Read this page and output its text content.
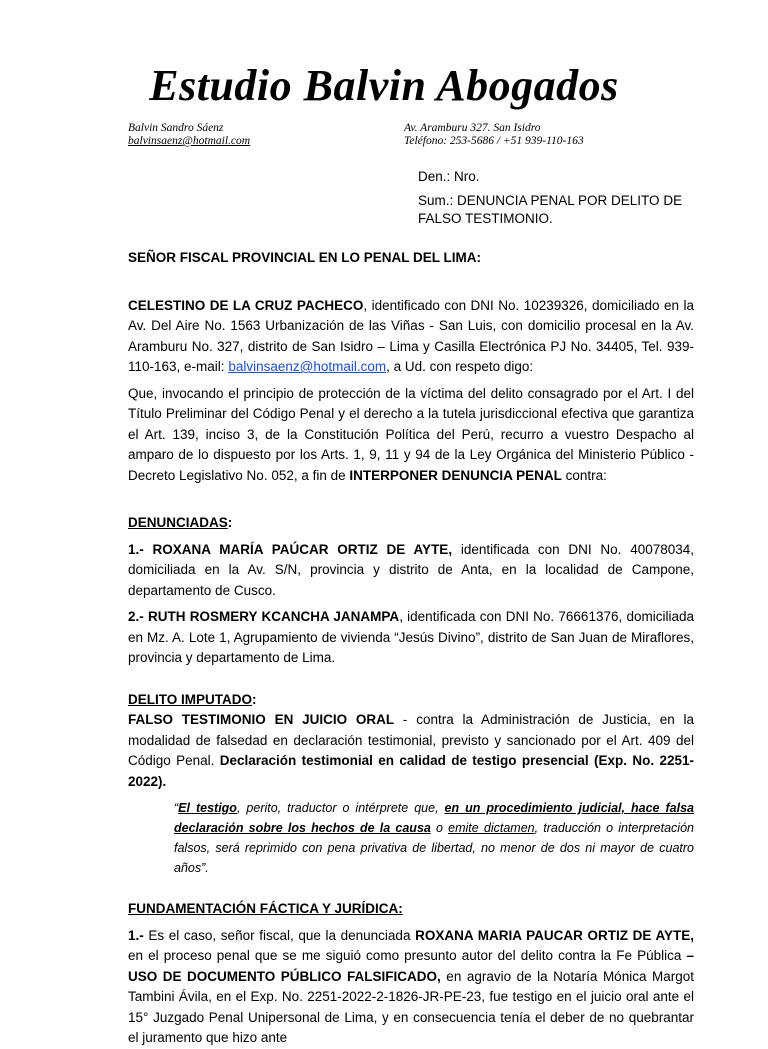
Estudio Balvin Abogados
Balvin Sandro Sáenz
balvinsaenz@hotmail.com
Av. Aramburu 327. San Isidro
Teléfono: 253-5686 / +51 939-110-163

Den.: Nro.

Sum.: DENUNCIA PENAL POR DELITO DE FALSO TESTIMONIO.

SEÑOR FISCAL PROVINCIAL EN LO PENAL DEL LIMA:

CELESTINO DE LA CRUZ PACHECO, identificado con DNI No. 10239326, domiciliado en la Av. Del Aire No. 1563 Urbanización de las Viñas - San Luis, con domicilio procesal en la Av. Aramburu No. 327, distrito de San Isidro – Lima y Casilla Electrónica PJ No. 34405, Tel. 939-110-163, e-mail: balvinsaenz@hotmail.com, a Ud. con respeto digo:

Que, invocando el principio de protección de la víctima del delito consagrado por el Art. I del Título Preliminar del Código Penal y el derecho a la tutela jurisdiccional efectiva que garantiza el Art. 139, inciso 3, de la Constitución Política del Perú, recurro a vuestro Despacho al amparo de lo dispuesto por los Arts. 1, 9, 11 y 94 de la Ley Orgánica del Ministerio Público - Decreto Legislativo No. 052, a fin de INTERPONER DENUNCIA PENAL contra:

DENUNCIADAS:

1.- ROXANA MARÍA PAÚCAR ORTIZ DE AYTE, identificada con DNI No. 40078034, domiciliada en la Av. S/N, provincia y distrito de Anta, en la localidad de Campone, departamento de Cusco.

2.- RUTH ROSMERY KCANCHA JANAMPA, identificada con DNI No. 76661376, domiciliada en Mz. A. Lote 1, Agrupamiento de vivienda “Jesús Divino”, distrito de San Juan de Miraflores, provincia y departamento de Lima.

DELITO IMPUTADO:

FALSO TESTIMONIO EN JUICIO ORAL - contra la Administración de Justicia, en la modalidad de falsedad en declaración testimonial, previsto y sancionado por el Art. 409 del Código Penal. Declaración testimonial en calidad de testigo presencial (Exp. No. 2251-2022).

“El testigo, perito, traductor o intérprete que, en un procedimiento judicial, hace falsa declaración sobre los hechos de la causa o emite dictamen, traducción o interpretación falsos, será reprimido con pena privativa de libertad, no menor de dos ni mayor de cuatro años”.

FUNDAMENTACIÓN FÁCTICA Y JURÍDICA:

1.- Es el caso, señor fiscal, que la denunciada ROXANA MARIA PAUCAR ORTIZ DE AYTE, en el proceso penal que se me siguió como presunto autor del delito contra la Fe Pública – USO DE DOCUMENTO PÚBLICO FALSIFICADO, en agravio de la Notaría Mónica Margot Tambini Ávila, en el Exp. No. 2251-2022-2-1826-JR-PE-23, fue testigo en el juicio oral ante el 15° Juzgado Penal Unipersonal de Lima, y en consecuencia tenía el deber de no quebrantar el juramento que hizo ante
